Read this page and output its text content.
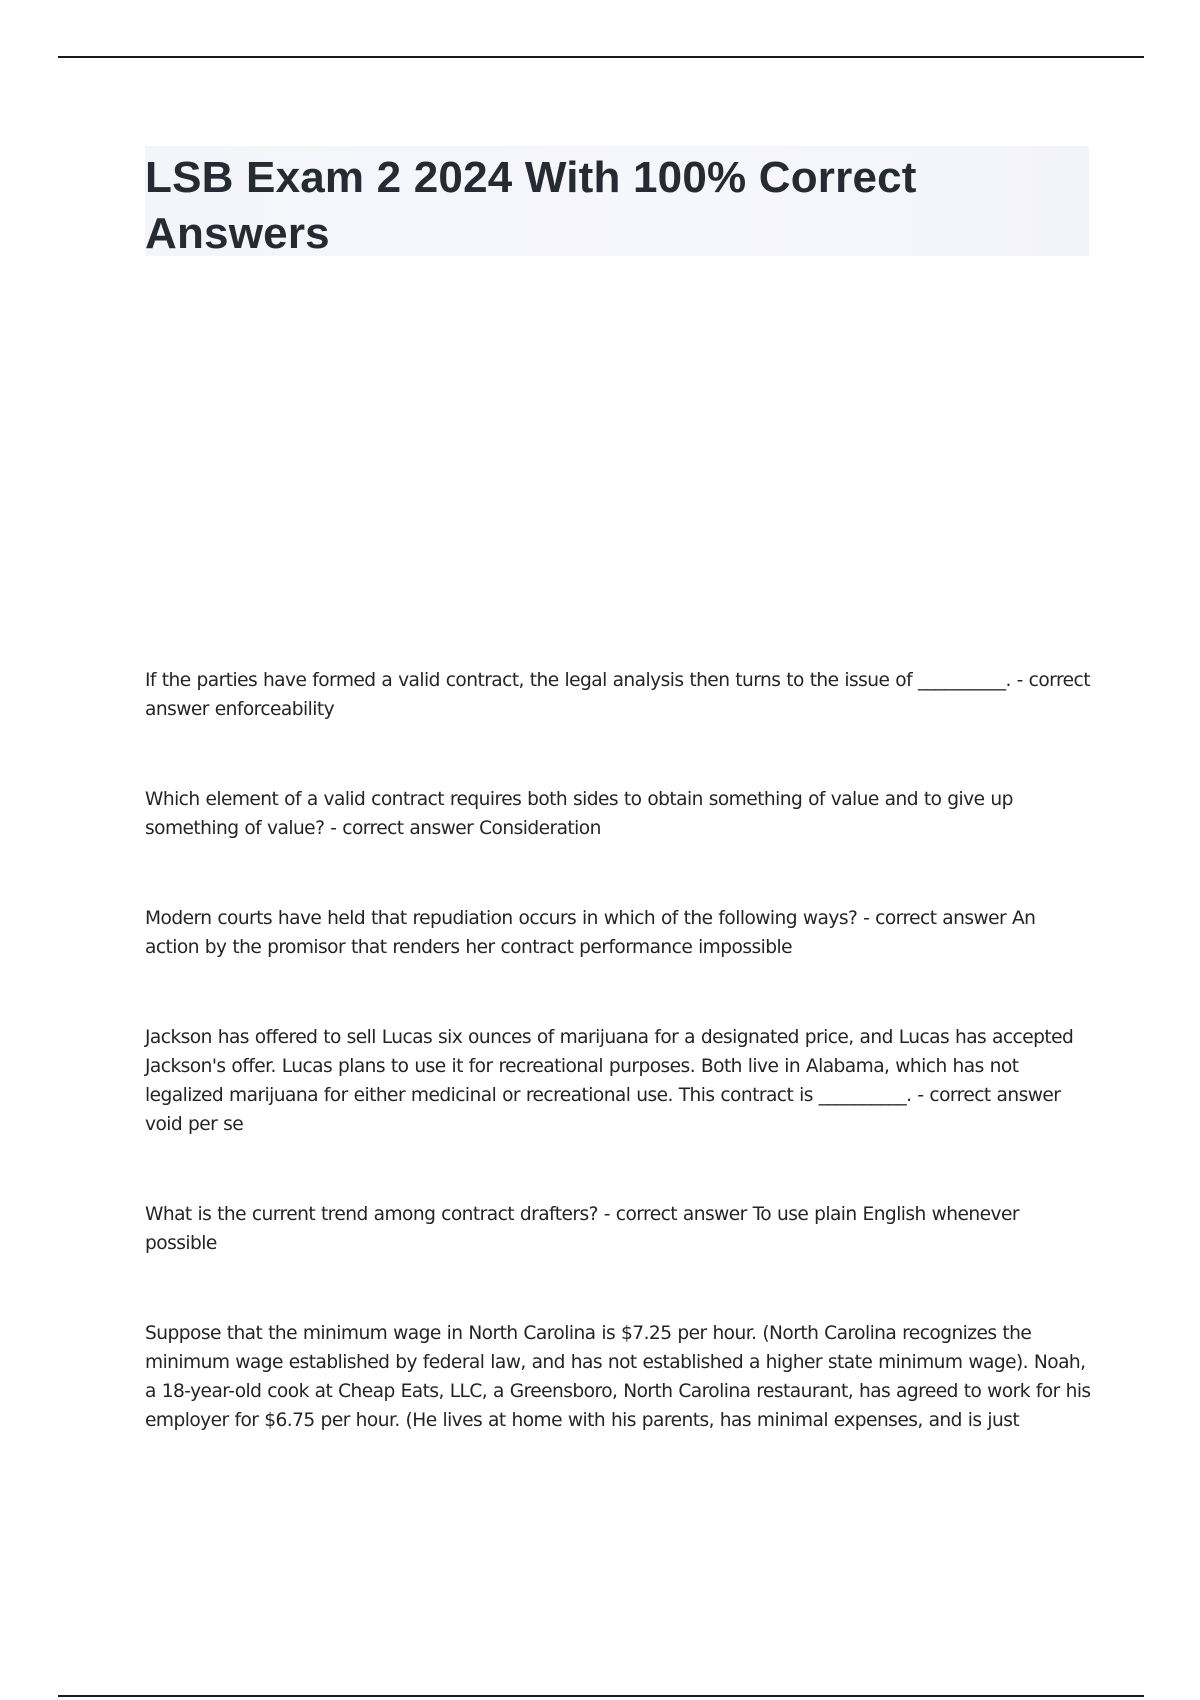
LSB Exam 2 2024 With 100% Correct Answers

If the parties have formed a valid contract, the legal analysis then turns to the issue of __________. - correct answer enforceability

Which element of a valid contract requires both sides to obtain something of value and to give up something of value? - correct answer Consideration

Modern courts have held that repudiation occurs in which of the following ways? - correct answer An action by the promisor that renders her contract performance impossible

Jackson has offered to sell Lucas six ounces of marijuana for a designated price, and Lucas has accepted Jackson's offer. Lucas plans to use it for recreational purposes. Both live in Alabama, which has not legalized marijuana for either medicinal or recreational use. This contract is __________. - correct answer void per se

What is the current trend among contract drafters? - correct answer To use plain English whenever possible

Suppose that the minimum wage in North Carolina is $7.25 per hour. (North Carolina recognizes the minimum wage established by federal law, and has not established a higher state minimum wage). Noah, a 18-year-old cook at Cheap Eats, LLC, a Greensboro, North Carolina restaurant, has agreed to work for his employer for $6.75 per hour. (He lives at home with his parents, has minimal expenses, and is just
